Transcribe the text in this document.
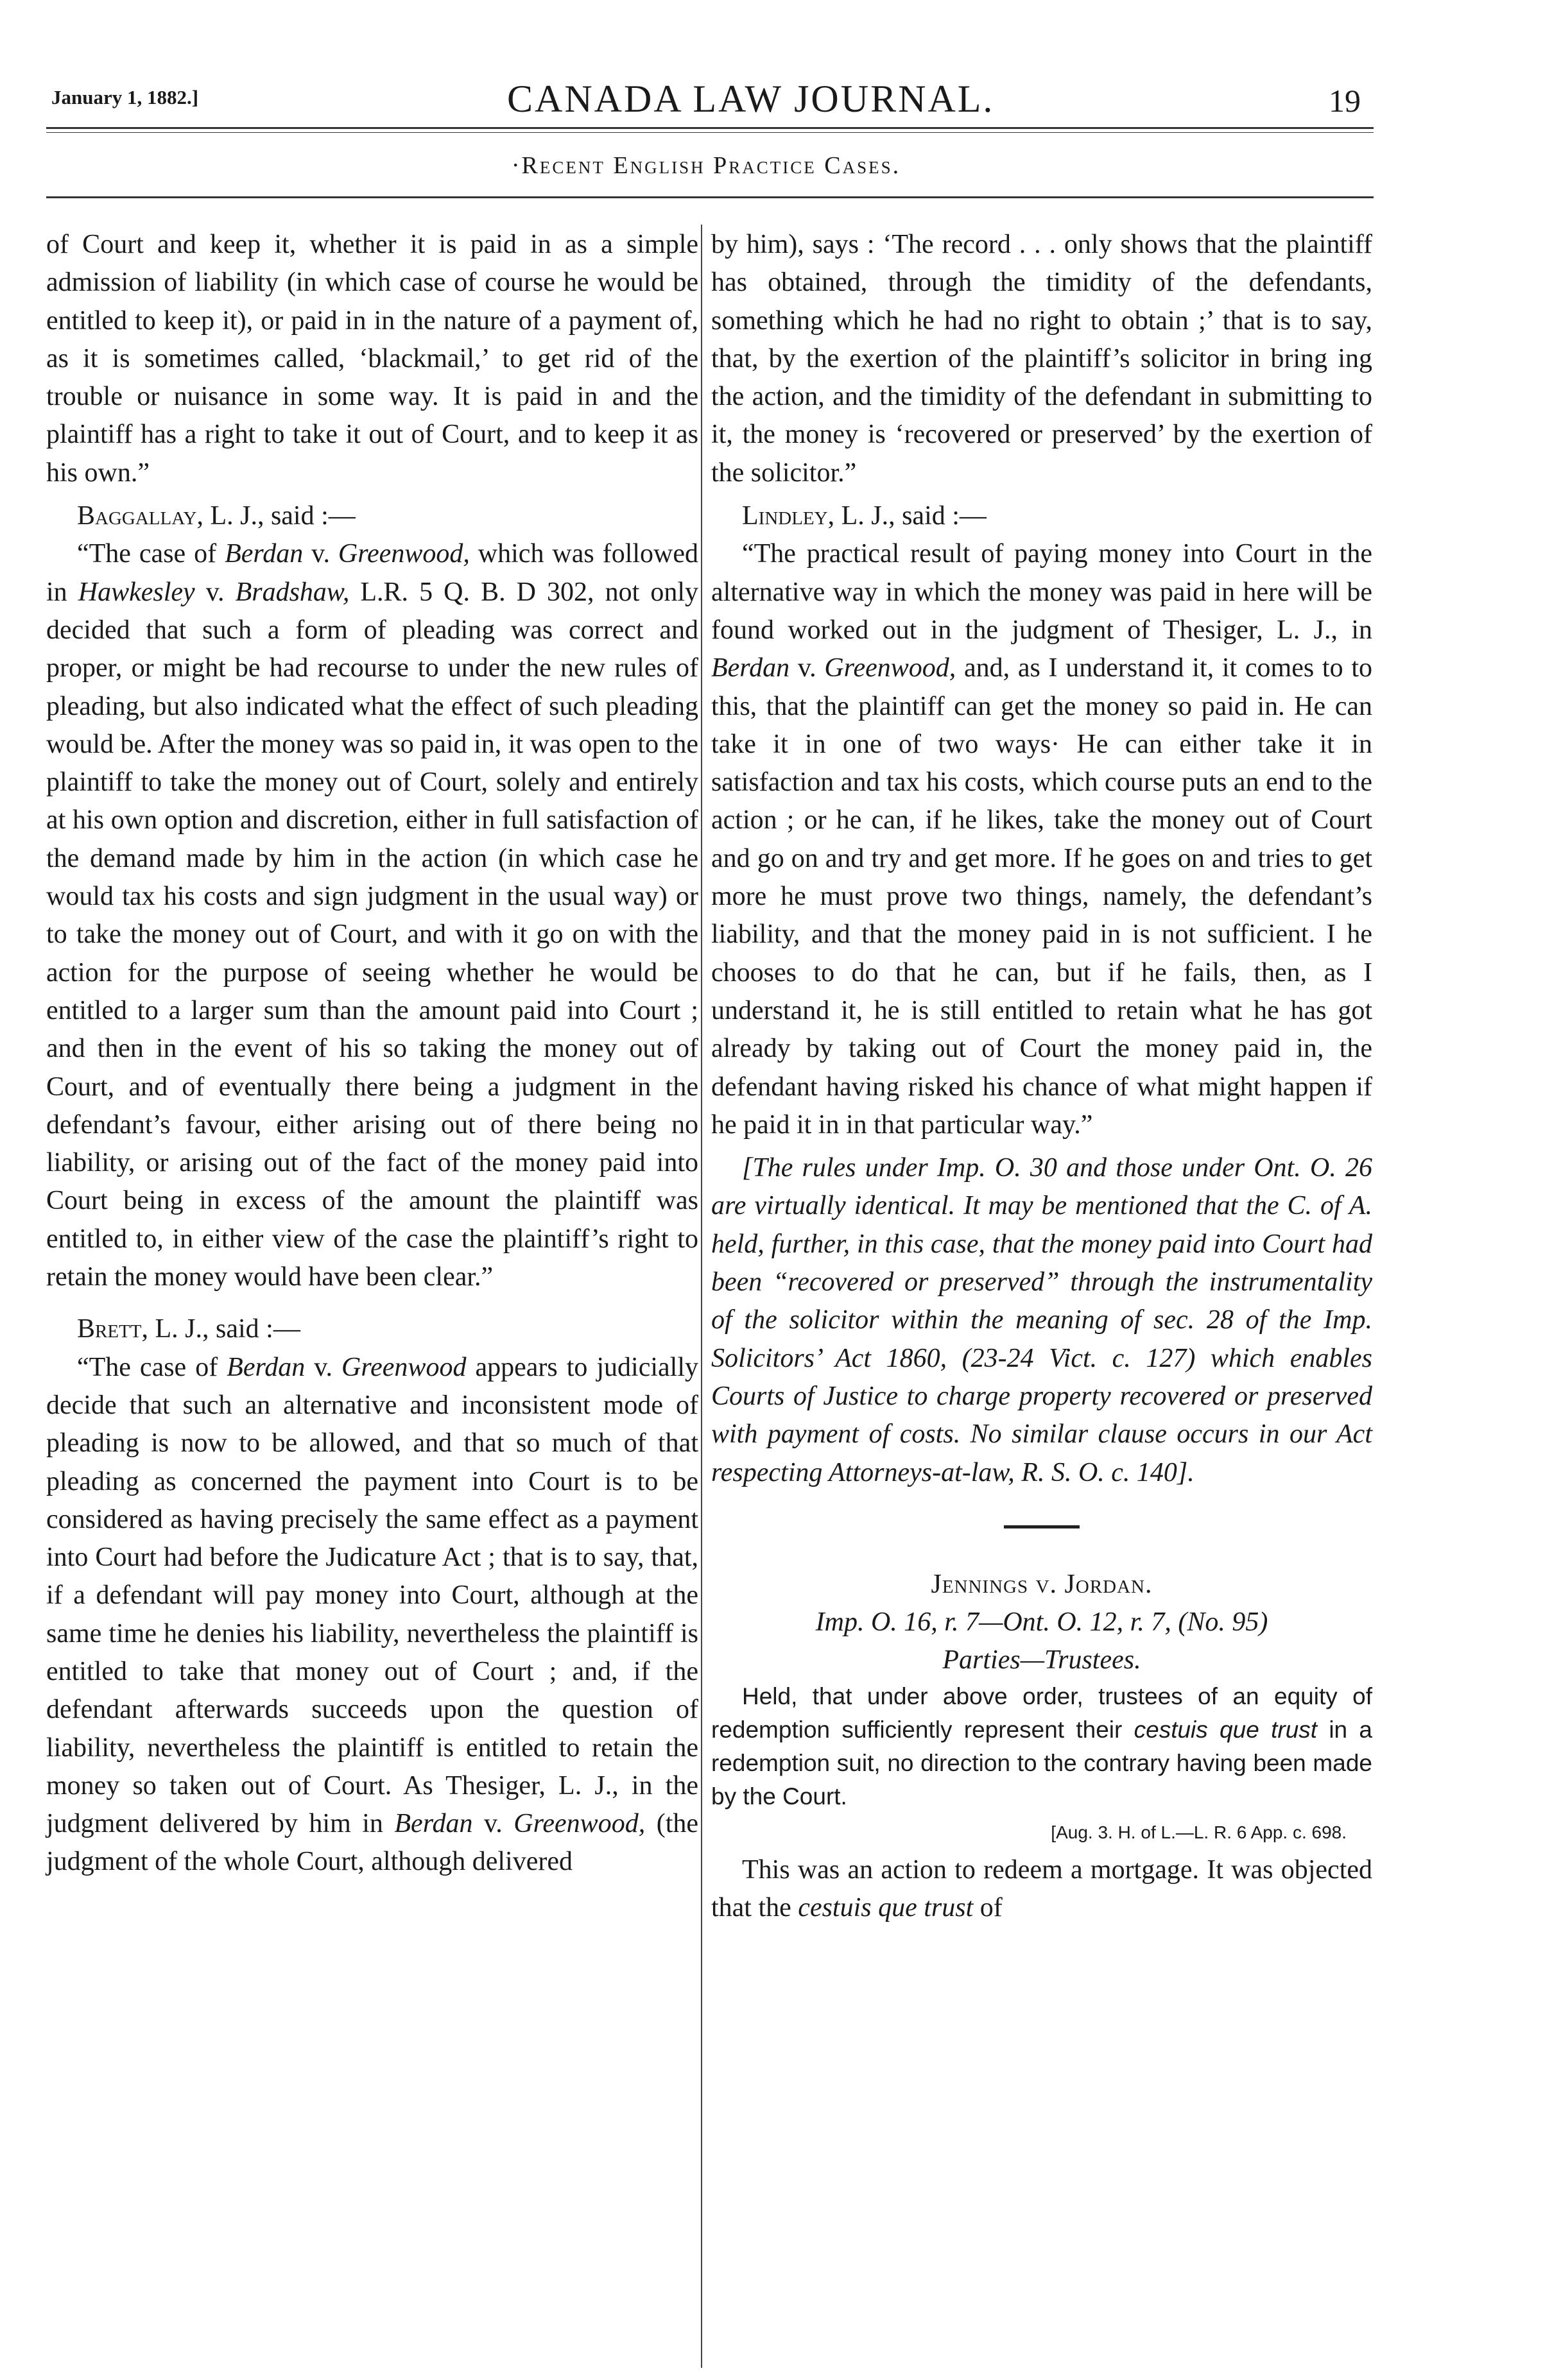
January 1, 1882.]	CANADA LAW JOURNAL.	19
·Recent English Practice Cases.

of Court and keep it, whether it is paid in as a simple admission of liability (in which case of course he would be entitled to keep it), or paid in in the nature of a payment of, as it is sometimes called, ‘blackmail,’ to get rid of the trouble or nuisance in some way. It is paid in and the plaintiff has a right to take it out of Court, and to keep it as his own.”

Baggallay, L. J., said :—

“The case of Berdan v. Greenwood, which was followed in Hawkesley v. Bradshaw, L.R. 5 Q. B. D 302, not only decided that such a form of pleading was correct and proper, or might be had recourse to under the new rules of pleading, but also indicated what the effect of such pleading would be. After the money was so paid in, it was open to the plaintiff to take the money out of Court, solely and entirely at his own option and discretion, either in full satisfaction of the demand made by him in the action (in which case he would tax his costs and sign judgment in the usual way) or to take the money out of Court, and with it go on with the action for the purpose of seeing whether he would be entitled to a larger sum than the amount paid into Court ; and then in the event of his so taking the money out of Court, and of eventually there being a judgment in the defendant’s favour, either arising out of there being no liability, or arising out of the fact of the money paid into Court being in excess of the amount the plaintiff was entitled to, in either view of the case the plaintiff’s right to retain the money would have been clear.”

Brett, L. J., said :—

“The case of Berdan v. Greenwood appears to judicially decide that such an alternative and inconsistent mode of pleading is now to be allowed, and that so much of that pleading as concerned the payment into Court is to be considered as having precisely the same effect as a payment into Court had before the Judicature Act ; that is to say, that, if a defendant will pay money into Court, although at the same time he denies his liability, nevertheless the plaintiff is entitled to take that money out of Court ; and, if the defendant afterwards succeeds upon the question of liability, nevertheless the plaintiff is entitled to retain the money so taken out of Court. As Thesiger, L. J., in the judgment delivered by him in Berdan v. Greenwood, (the judgment of the whole Court, although delivered

by him), says : ‘The record . . . only shows that the plaintiff has obtained, through the timidity of the defendants, something which he had no right to obtain ;’ that is to say, that, by the exertion of the plaintiff’s solicitor in bring ing the action, and the timidity of the defendant in submitting to it, the money is ‘recovered or preserved’ by the exertion of the solicitor.”

Lindley, L. J., said :—

“The practical result of paying money into Court in the alternative way in which the money was paid in here will be found worked out in the judgment of Thesiger, L. J., in Berdan v. Greenwood, and, as I understand it, it comes to to this, that the plaintiff can get the money so paid in. He can take it in one of two ways· He can either take it in satisfaction and tax his costs, which course puts an end to the action ; or he can, if he likes, take the money out of Court and go on and try and get more. If he goes on and tries to get more he must prove two things, namely, the defendant’s liability, and that the money paid in is not sufficient. I he chooses to do that he can, but if he fails, then, as I understand it, he is still entitled to retain what he has got already by taking out of Court the money paid in, the defendant having risked his chance of what might happen if he paid it in in that particular way.”

[The rules under Imp. O. 30 and those under Ont. O. 26 are virtually identical. It may be mentioned that the C. of A. held, further, in this case, that the money paid into Court had been “recovered or preserved” through the instrumentality of the solicitor within the meaning of sec. 28 of the Imp. Solicitors’ Act 1860, (23-24 Vict. c. 127) which enables Courts of Justice to charge property recovered or preserved with payment of costs. No similar clause occurs in our Act respecting Attorneys-at-law, R. S. O. c. 140].

Jennings v. Jordan.

Imp. O. 16, r. 7—Ont. O. 12, r. 7, (No. 95)

Parties—Trustees.

Held, that under above order, trustees of an equity of redemption sufficiently represent their cestuis que trust in a redemption suit, no direction to the contrary having been made by the Court.

[Aug. 3. H. of L.—L. R. 6 App. c. 698.

This was an action to redeem a mortgage. It was objected that the cestuis que trust of
